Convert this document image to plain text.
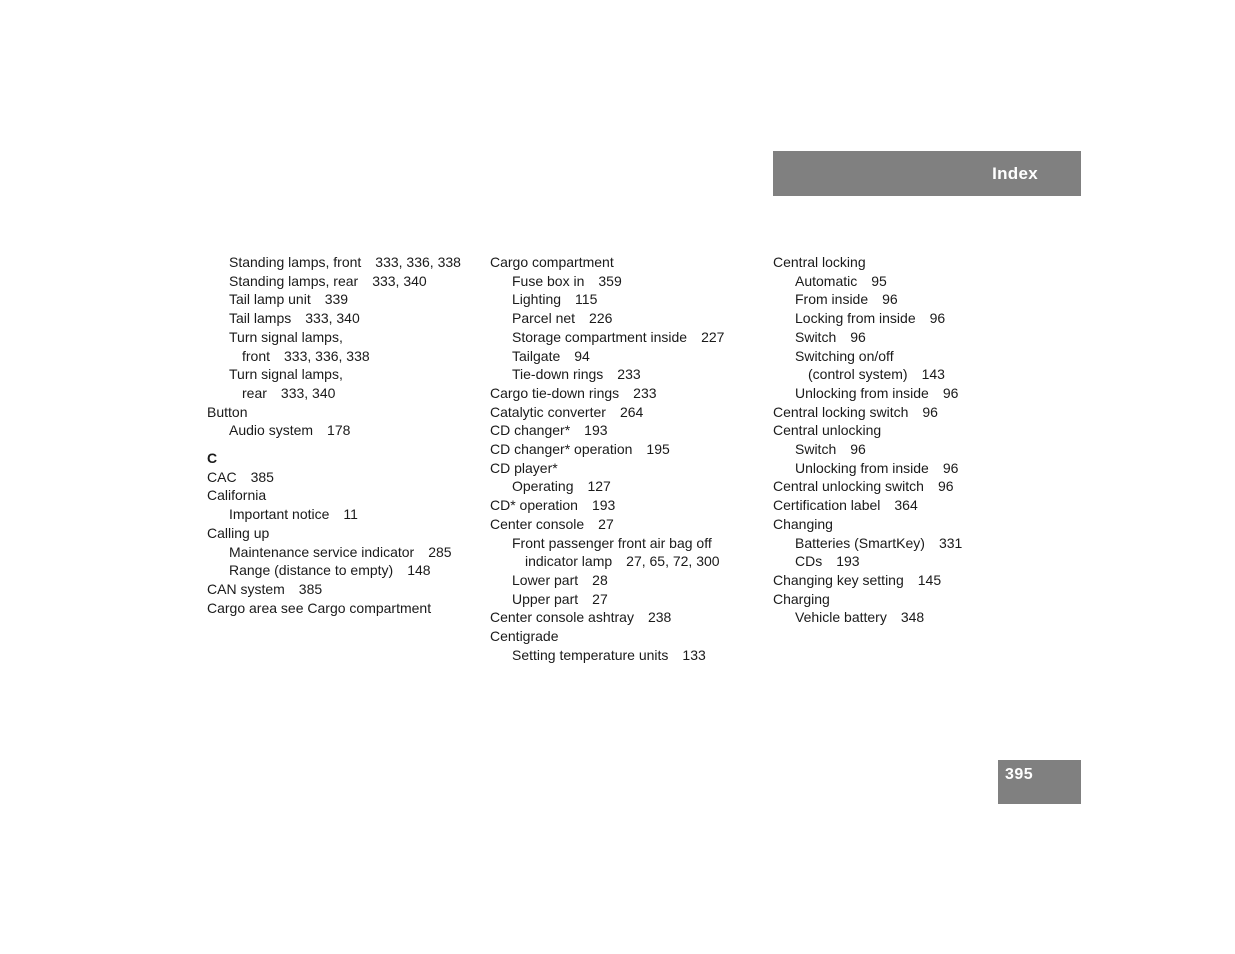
Index
Standing lamps, front 333, 336, 338
Standing lamps, rear 333, 340
Tail lamp unit 339
Tail lamps 333, 340
Turn signal lamps,
front 333, 336, 338
Turn signal lamps,
rear 333, 340
Button
Audio system 178
C
CAC 385
California
Important notice 11
Calling up
Maintenance service indicator 285
Range (distance to empty) 148
CAN system 385
Cargo area see Cargo compartment
Cargo compartment
Fuse box in 359
Lighting 115
Parcel net 226
Storage compartment inside 227
Tailgate 94
Tie-down rings 233
Cargo tie-down rings 233
Catalytic converter 264
CD changer* 193
CD changer* operation 195
CD player*
Operating 127
CD* operation 193
Center console 27
Front passenger front air bag off
indicator lamp 27, 65, 72, 300
Lower part 28
Upper part 27
Center console ashtray 238
Centigrade
Setting temperature units 133
Central locking
Automatic 95
From inside 96
Locking from inside 96
Switch 96
Switching on/off
(control system) 143
Unlocking from inside 96
Central locking switch 96
Central unlocking
Switch 96
Unlocking from inside 96
Central unlocking switch 96
Certification label 364
Changing
Batteries (SmartKey) 331
CDs 193
Changing key setting 145
Charging
Vehicle battery 348
395
